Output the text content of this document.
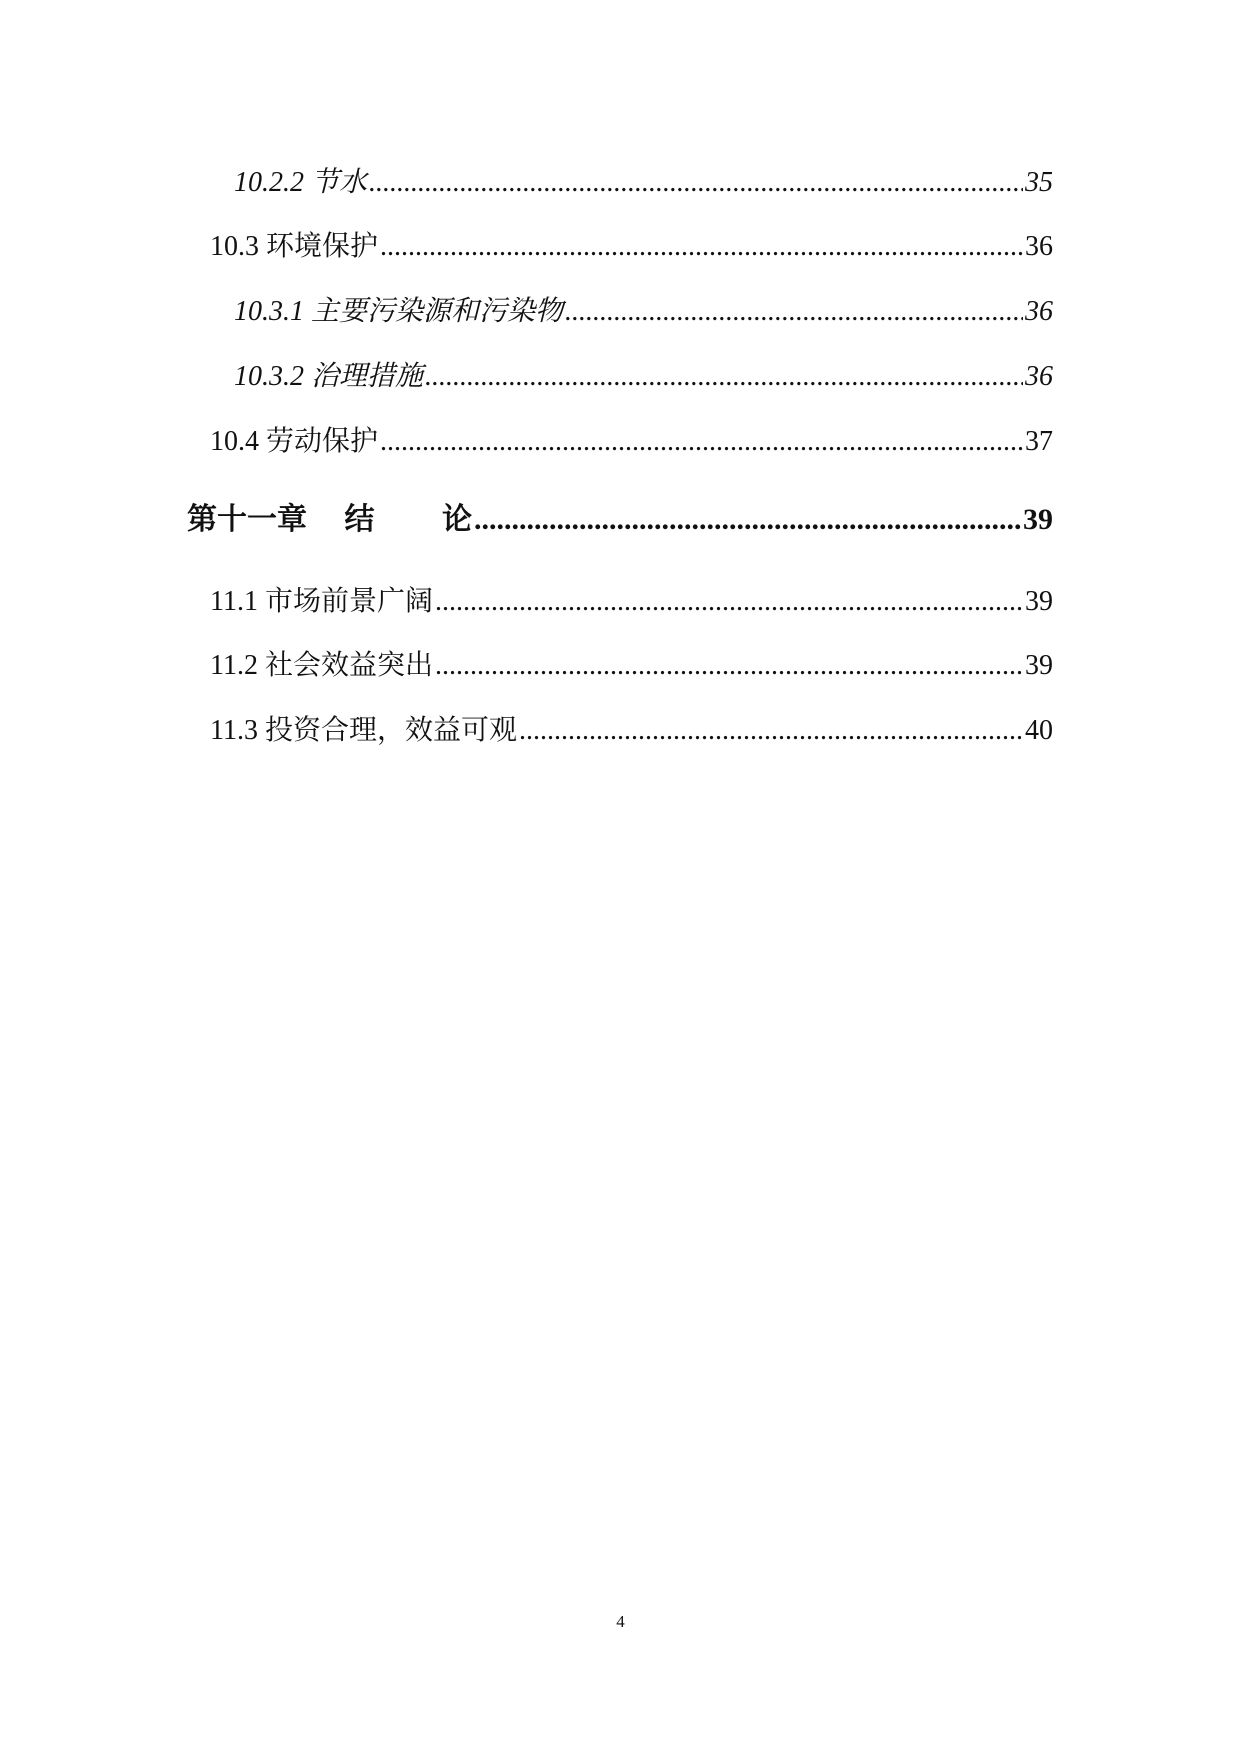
10.2.2 节水 .....	35
10.3 环境保护 .....	36
10.3.1 主要污染源和污染物 .....	36
10.3.2 治理措施 .....	36
10.4 劳动保护 .....	37
第十一章　 结　　 论 .....	39
11.1 市场前景广阔 .....	39
11.2 社会效益突出 .....	39
11.3 投资合理，效益可观 .....	40
4
